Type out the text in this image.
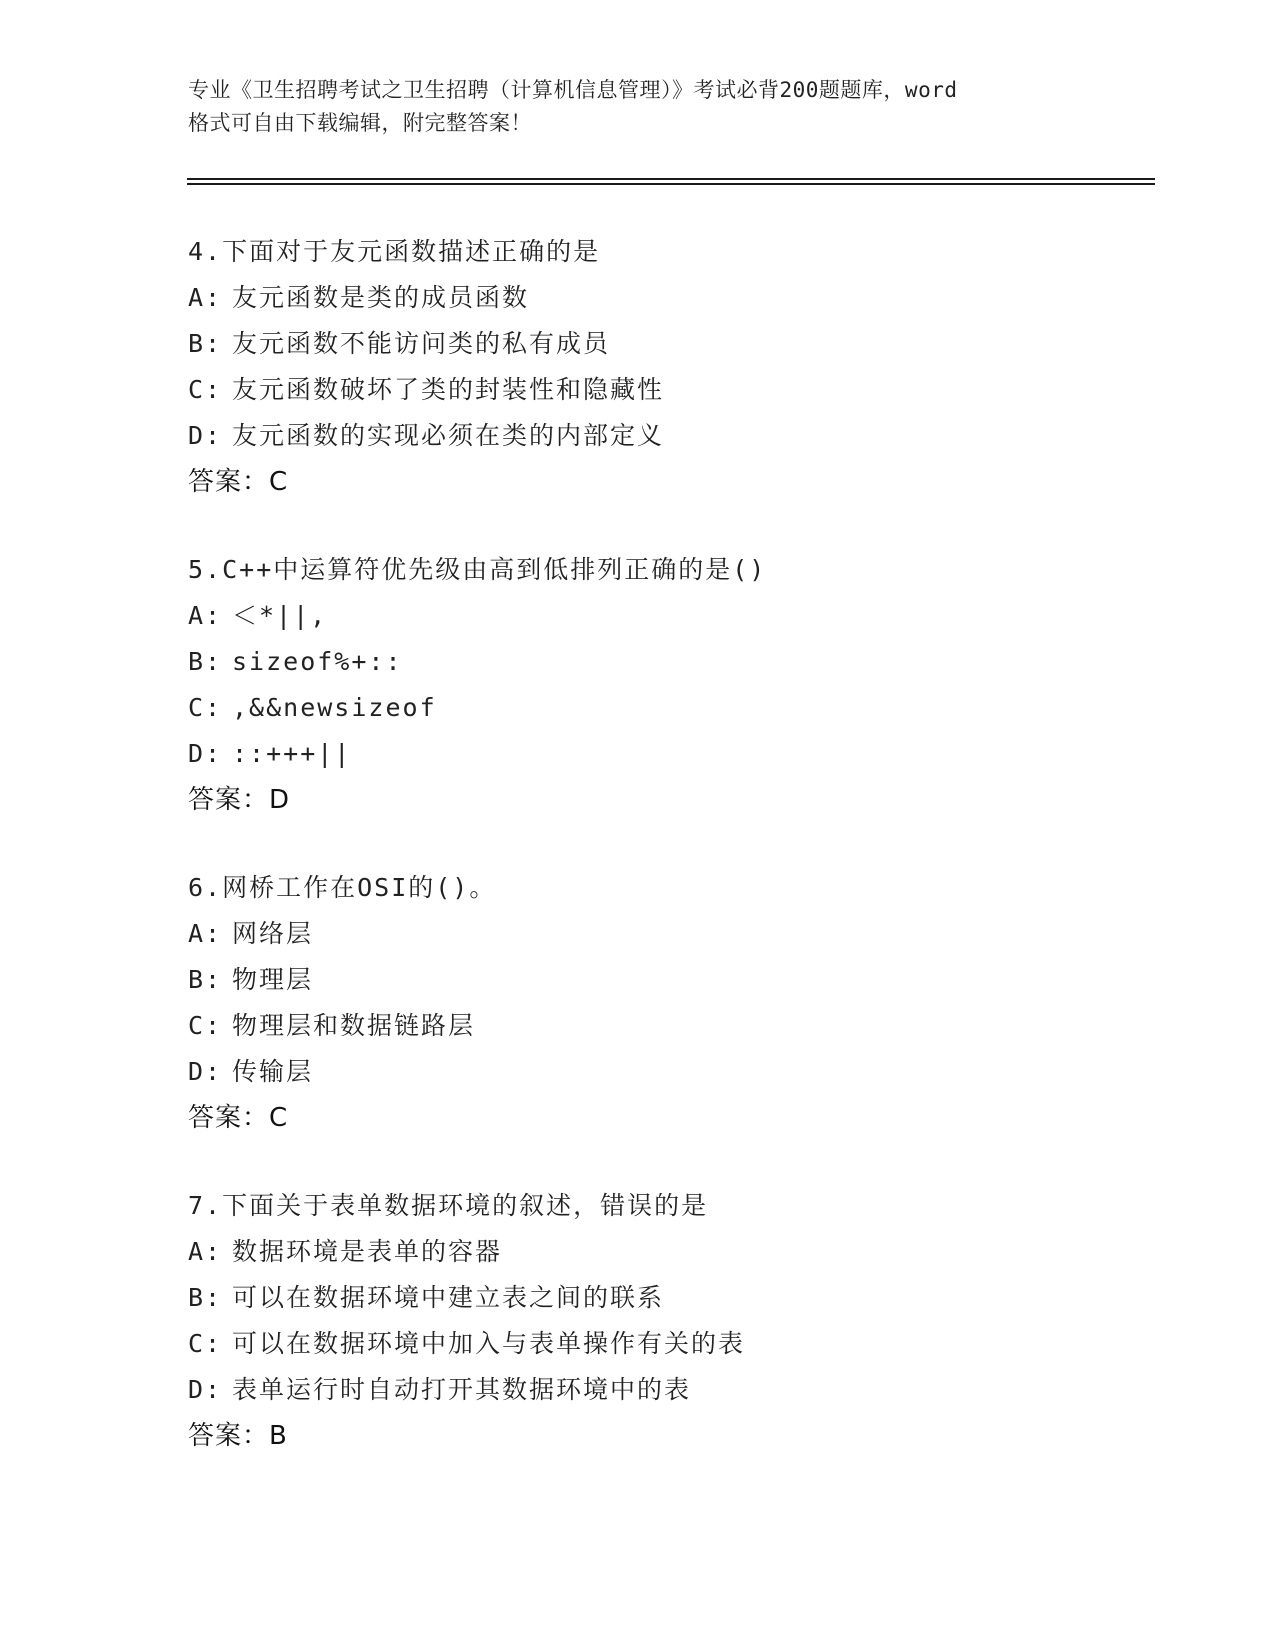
专业《卫生招聘考试之卫生招聘（计算机信息管理）》考试必背200题题库，word
格式可自由下载编辑，附完整答案！
4.下面对于友元函数描述正确的是
A: 友元函数是类的成员函数
B: 友元函数不能访问类的私有成员
C: 友元函数破坏了类的封装性和隐藏性
D: 友元函数的实现必须在类的内部定义
答案：C
5.C++中运算符优先级由高到低排列正确的是()
A: ＜*||,
B: sizeof%+::
C: ,&&newsizeof
D: ::+++||
答案：D
6.网桥工作在OSI的()。
A: 网络层
B: 物理层
C: 物理层和数据链路层
D: 传输层
答案：C
7.下面关于表单数据环境的叙述，错误的是
A: 数据环境是表单的容器
B: 可以在数据环境中建立表之间的联系
C: 可以在数据环境中加入与表单操作有关的表
D: 表单运行时自动打开其数据环境中的表
答案：B
